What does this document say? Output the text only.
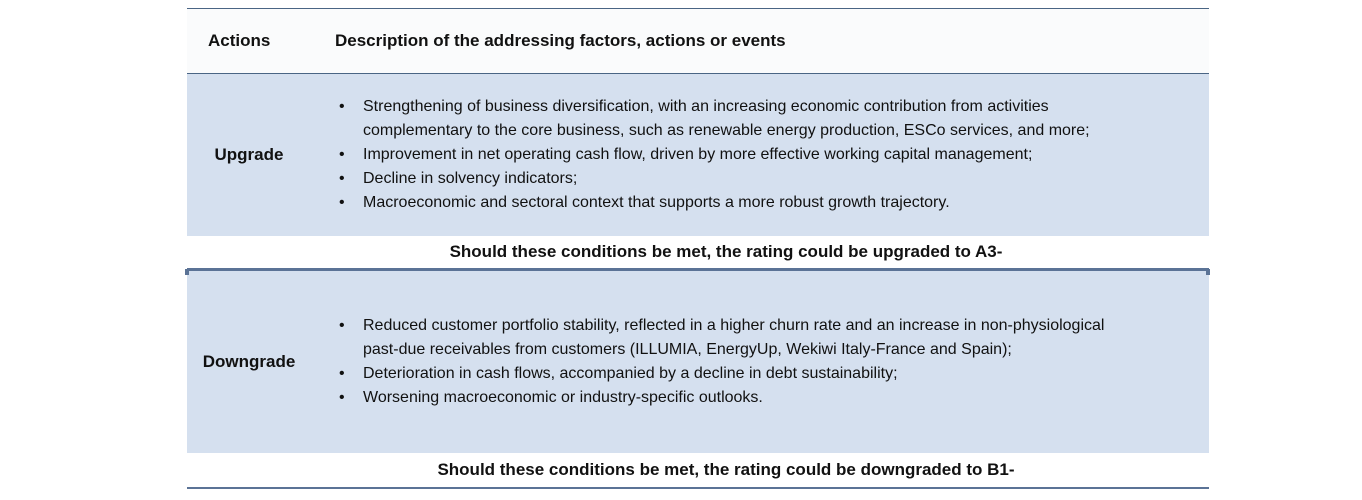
Actions	Description of the addressing factors, actions or events
Upgrade
• Strengthening of business diversification, with an increasing economic contribution from activities complementary to the core business, such as renewable energy production, ESCo services, and more;
• Improvement in net operating cash flow, driven by more effective working capital management;
• Decline in solvency indicators;
• Macroeconomic and sectoral context that supports a more robust growth trajectory.
Should these conditions be met, the rating could be upgraded to A3-
Downgrade
• Reduced customer portfolio stability, reflected in a higher churn rate and an increase in non-physiological past-due receivables from customers (ILLUMIA, EnergyUp, Wekiwi Italy-France and Spain);
• Deterioration in cash flows, accompanied by a decline in debt sustainability;
• Worsening macroeconomic or industry-specific outlooks.
Should these conditions be met, the rating could be downgraded to B1-
